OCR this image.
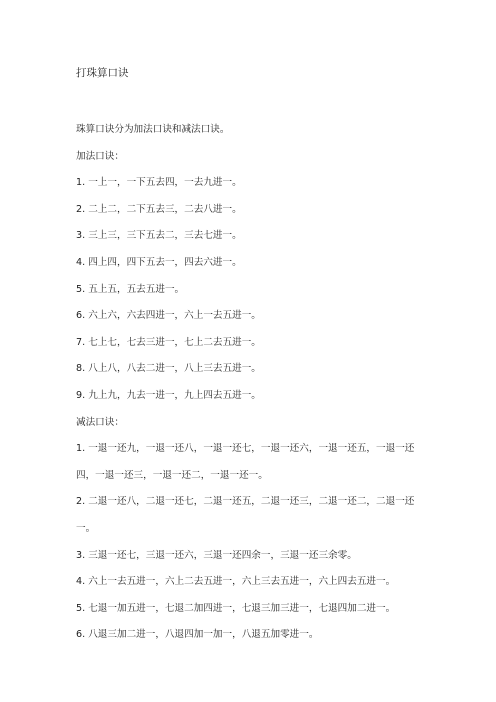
打珠算口诀
珠算口诀分为加法口诀和减法口诀。
加法口诀：
1. 一上一，一下五去四，一去九进一。
2. 二上二，二下五去三，二去八进一。
3. 三上三，三下五去二，三去七进一。
4. 四上四，四下五去一，四去六进一。
5. 五上五，五去五进一。
6. 六上六，六去四进一，六上一去五进一。
7. 七上七，七去三进一，七上二去五进一。
8. 八上八，八去二进一，八上三去五进一。
9. 九上九，九去一进一，九上四去五进一。
减法口诀：
1. 一退一还九，一退一还八，一退一还七，一退一还六，一退一还五，一退一还四，一退一还三，一退一还二，一退一还一。
2. 二退一还八，二退一还七，二退一还五，二退一还三，二退一还二，二退一还一。
3. 三退一还七，三退一还六，三退一还四余一，三退一还三余零。
4. 六上一去五进一，六上二去五进一，六上三去五进一，六上四去五进一。
5. 七退一加五进一，七退二加四进一，七退三加三进一，七退四加二进一。
6. 八退三加二进一，八退四加一加一，八退五加零进一。
